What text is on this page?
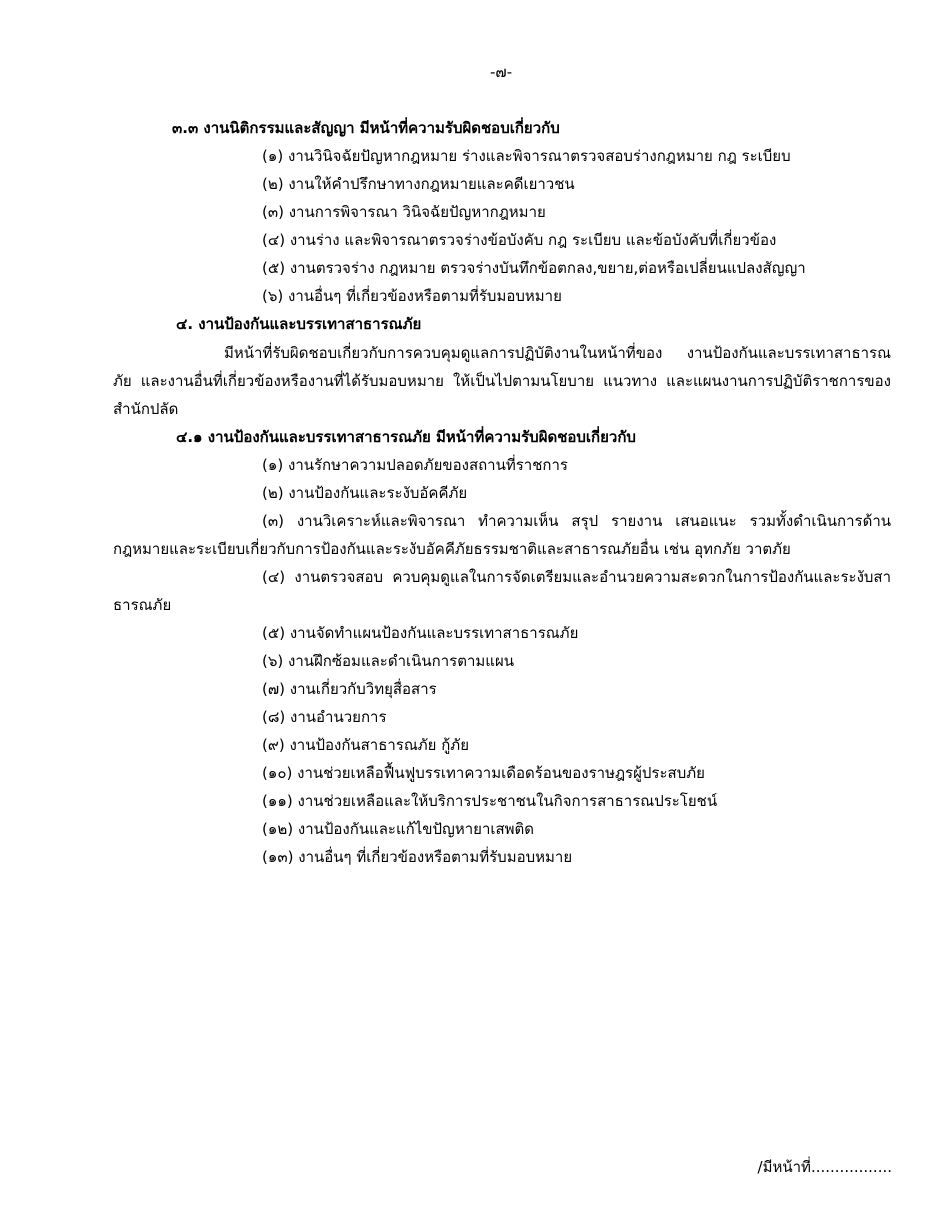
-๗-
๓.๓ งานนิติกรรมและสัญญา มีหน้าที่ความรับผิดชอบเกี่ยวกับ
(๑) งานวินิจฉัยปัญหากฎหมาย ร่างและพิจารณาตรวจสอบร่างกฎหมาย กฎ ระเบียบ
(๒) งานให้คำปรึกษาทางกฎหมายและคดีเยาวชน
(๓) งานการพิจารณา วินิจฉัยปัญหากฎหมาย
(๔) งานร่าง และพิจารณาตรวจร่างข้อบังคับ กฎ ระเบียบ และข้อบังคับที่เกี่ยวข้อง
(๕) งานตรวจร่าง กฎหมาย ตรวจร่างบันทึกข้อตกลง,ขยาย,ต่อหรือเปลี่ยนแปลงสัญญา
(๖) งานอื่นๆ ที่เกี่ยวข้องหรือตามที่รับมอบหมาย
๔. งานป้องกันและบรรเทาสาธารณภัย
มีหน้าที่รับผิดชอบเกี่ยวกับการควบคุมดูแลการปฏิบัติงานในหน้าที่ของ งานป้องกันและบรรเทาสาธารณ
ภัย และงานอื่นที่เกี่ยวข้องหรืองานที่ได้รับมอบหมาย ให้เป็นไปตามนโยบาย แนวทาง และแผนงานการปฏิบัติราชการของ
สำนักปลัด
๔.๑ งานป้องกันและบรรเทาสาธารณภัย มีหน้าที่ความรับผิดชอบเกี่ยวกับ
(๑) งานรักษาความปลอดภัยของสถานที่ราชการ
(๒) งานป้องกันและระงับอัคคีภัย
(๓) งานวิเคราะห์และพิจารณา ทำความเห็น สรุป รายงาน เสนอแนะ รวมทั้งดำเนินการด้าน
กฎหมายและระเบียบเกี่ยวกับการป้องกันและระงับอัคคีภัยธรรมชาติและสาธารณภัยอื่น เช่น อุทกภัย วาตภัย
(๔) งานตรวจสอบ ควบคุมดูแลในการจัดเตรียมและอำนวยความสะดวกในการป้องกันและระงับสา
ธารณภัย
(๕) งานจัดทำแผนป้องกันและบรรเทาสาธารณภัย
(๖) งานฝึกซ้อมและดำเนินการตามแผน
(๗) งานเกี่ยวกับวิทยุสื่อสาร
(๘) งานอำนวยการ
(๙) งานป้องกันสาธารณภัย กู้ภัย
(๑๐) งานช่วยเหลือฟื้นฟูบรรเทาความเดือดร้อนของราษฎรผู้ประสบภัย
(๑๑) งานช่วยเหลือและให้บริการประชาชนในกิจการสาธารณประโยชน์
(๑๒) งานป้องกันและแก้ไขปัญหายาเสพติด
(๑๓) งานอื่นๆ ที่เกี่ยวข้องหรือตามที่รับมอบหมาย
/มีหน้าที่.................
